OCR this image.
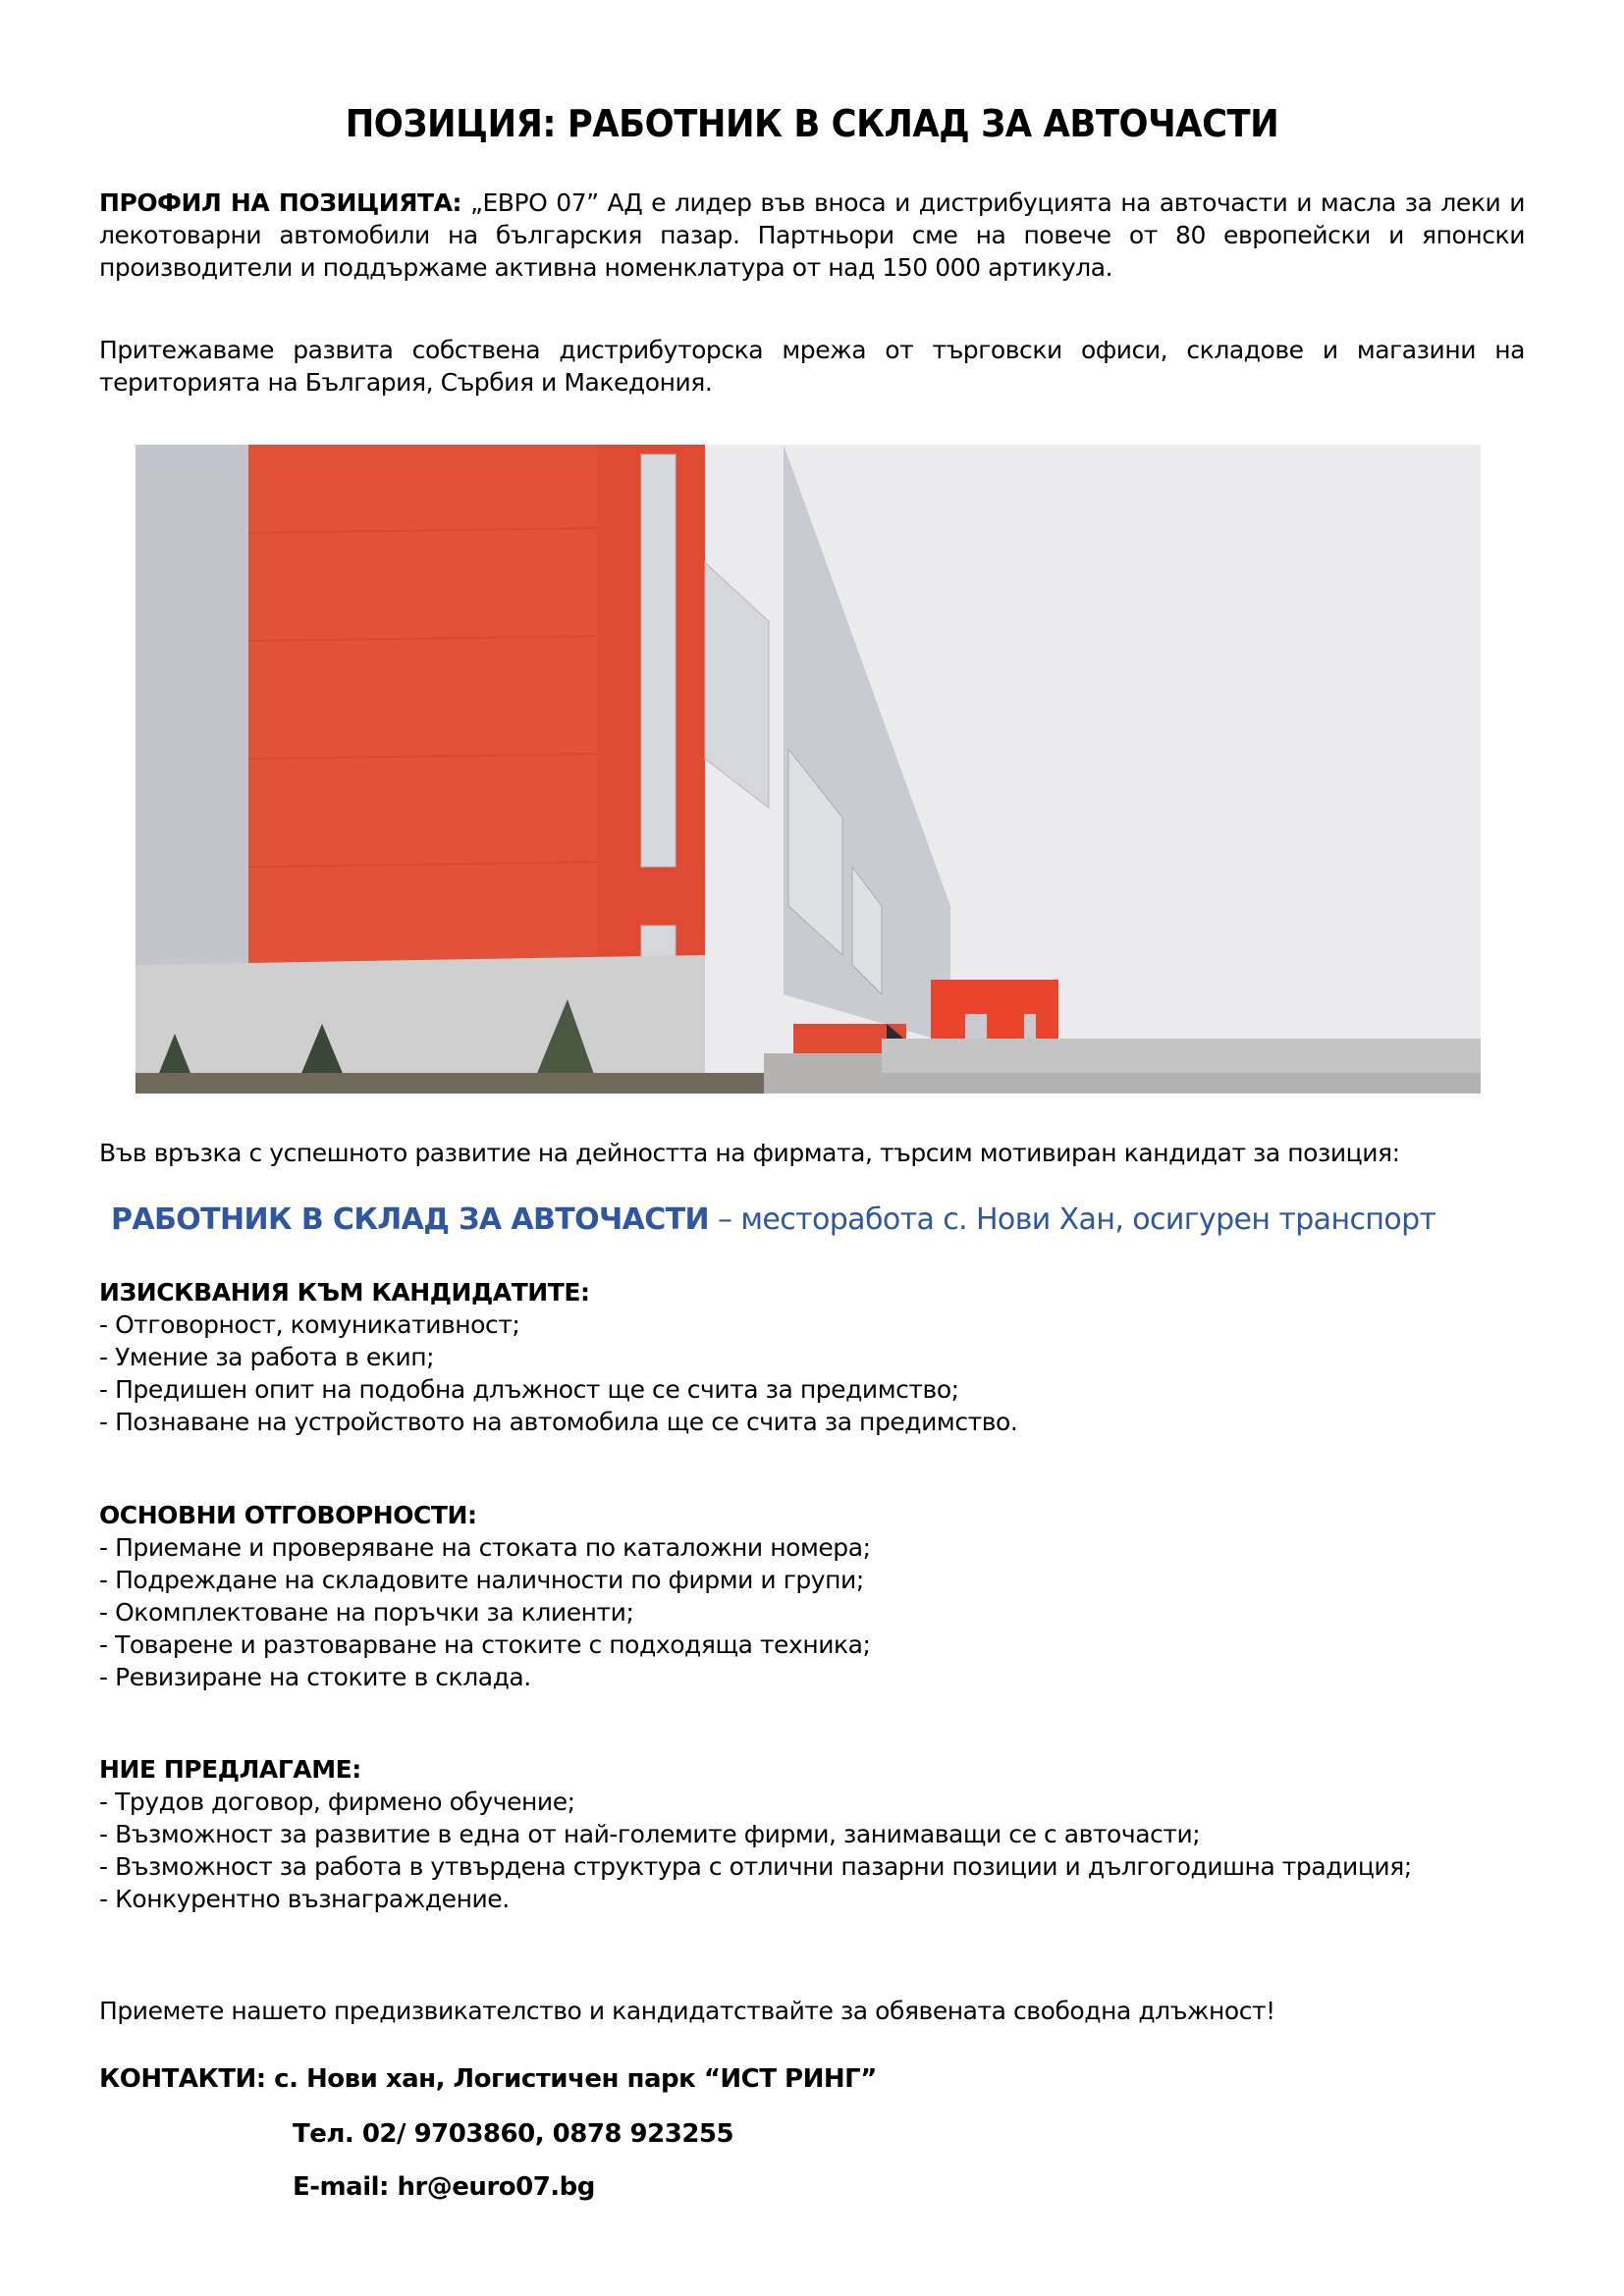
ПОЗИЦИЯ: РАБОТНИК В СКЛАД ЗА АВТОЧАСТИ

ПРОФИЛ НА ПОЗИЦИЯТА: „ЕВРО 07” АД е лидер във вноса и дистрибуцията на авточасти и масла за леки и лекотоварни автомобили на българския пазар. Партньори сме на повече от 80 европейски и японски производители и поддържаме активна номенклатура от над 150 000 артикула.

Притежаваме развита собствена дистрибуторска мрежа от търговски офиси, складове и магазини на територията на България, Сърбия и Македония.

Във връзка с успешното развитие на дейността на фирмата, търсим мотивиран кандидат за позиция:

РАБОТНИК В СКЛАД ЗА АВТОЧАСТИ – месторабота с. Нови Хан, осигурен транспорт
ИЗИСКВАНИЯ КЪМ КАНДИДАТИТЕ:
- Отговорност, комуникативност;
- Умение за работа в екип;
- Предишен опит на подобна длъжност ще се счита за предимство;
- Познаване на устройството на автомобила ще се счита за предимство.
ОСНОВНИ ОТГОВОРНОСТИ:
- Приемане и проверяване на стоката по каталожни номера;
- Подреждане на складовите наличности по фирми и групи;
- Окомплектоване на поръчки за клиенти;
- Товарене и разтоварване на стоките с подходяща техника;
- Ревизиране на стоките в склада.
НИЕ ПРЕДЛАГАМЕ:
- Трудов договор, фирмено обучение;
- Възможност за развитие в една от най-големите фирми, занимаващи се с авточасти;
- Възможност за работа в утвърдена структура с отлични пазарни позиции и дългогодишна традиция;
- Конкурентно възнаграждение.

Приемете нашето предизвикателство и кандидатствайте за обявената свободна длъжност!

КОНТАКТИ: с. Нови хан, Логистичен парк “ИСТ РИНГ”
Тел. 02/ 9703860, 0878 923255
E-mail: hr@euro07.bg
